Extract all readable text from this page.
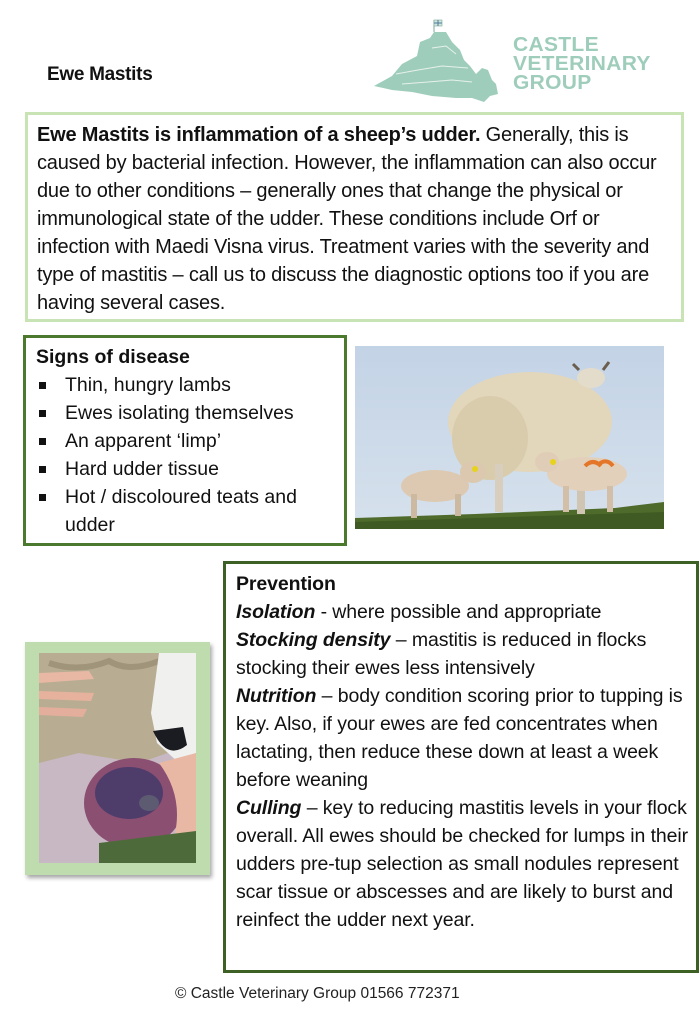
Ewe Mastits
CASTLE
VETERINARY
GROUP
Ewe Mastits is inflammation of a sheep’s udder. Generally, this is caused by bacterial infection. However, the inflammation can also occur due to other conditions – generally ones that change the physical or immunological state of the udder. These conditions include Orf or infection with Maedi Visna virus. Treatment varies with the severity and type of mastitis – call us to discuss the diagnostic options too if you are having several cases.
Signs of disease
Thin, hungry lambs
Ewes isolating themselves
An apparent ‘limp’
Hard udder tissue
Hot / discoloured teats and udder
Prevention

Isolation - where possible and appropriate

Stocking density – mastitis is reduced in flocks stocking their ewes less intensively

Nutrition – body condition scoring prior to tupping is key. Also, if your ewes are fed concentrates when lactating, then reduce these down at least a week before weaning

Culling – key to reducing mastitis levels in your flock overall. All ewes should be checked for lumps in their udders pre-tup selection as small nodules represent scar tissue or abscesses and are likely to burst and reinfect the udder next year.

© Castle Veterinary Group 01566 772371
